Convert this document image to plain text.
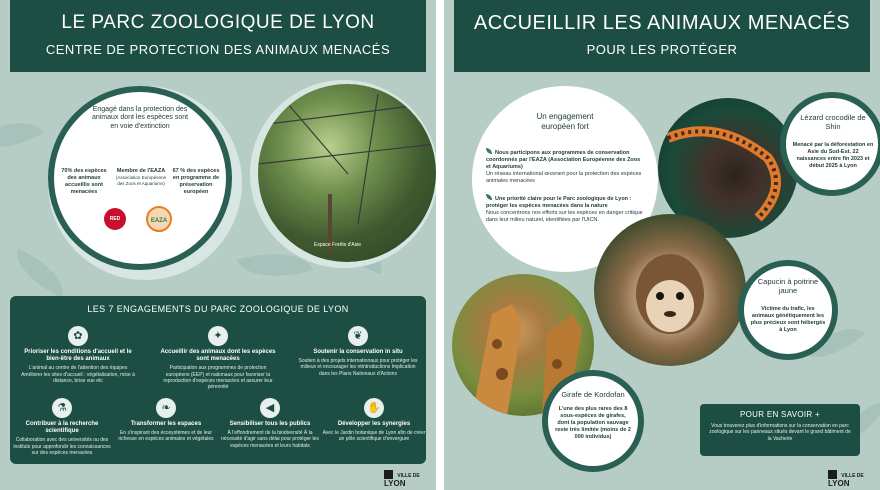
LE PARC ZOOLOGIQUE DE LYON
CENTRE DE PROTECTION DES ANIMAUX MENACÉS
Espace Forêts d'Asie
Engagé dans la protection des animaux dont les espèces sont en voie d'extinction
70% des espèces des animaux accueillis sont menacées
Membre de l'EAZA
(Association Européenne des Zoos et Aquariums)
67 % des espèces en programme de préservation européen
RED LIST
EAZA
LES 7 ENGAGEMENTS DU PARC ZOOLOGIQUE DE LYON
✿
Prioriser les conditions d'accueil et le bien-être des animaux
L'animal au centre de l'attention des équipes Améliorer les sites d'accueil : végétalisation, mise à distance, brise vue etc
✦
Accueillir des animaux dont les espèces sont menacées
Participation aux programmes de protection européens (EEP) et nationaux pour favoriser la reproduction d'espèces menacées et assurer leur pérennité
❦
Soutenir la conservation in situ
Soutien à des projets internationaux pour protéger les milieux et encourager les réintroductions Implication dans les Plans Nationaux d'Actions
⚗
Contribuer à la recherche scientifique
Collaboration avec des universités ou des instituts pour approfondir les connaissances sur des espèces menacées
❧
Transformer les espaces
En s'inspirant des écosystèmes et de leur richesse en espèces animales et végétales
◀
Sensibiliser tous les publics
À l'effondrement de la biodiversité À la nécessité d'agir sans délai pour protéger les espèces menacées et leurs habitats
✋
Développer les synergies
Avec le Jardin botanique de Lyon afin de créer un pôle scientifique d'envergure
VILLE DE LYON
ACCUEILLIR LES ANIMAUX MENACÉS
POUR LES PROTÉGER
Un engagement européen fort
Nous participons aux programmes de conservation coordonnés par l'EAZA (Association Européenne des Zoos et Aquariums)
Un réseau international œuvrant pour la protection des espèces animales menacées
Une priorité claire pour le Parc zoologique de Lyon : protéger les espèces menacées dans la nature
Nous concentrons nos efforts sur les espèces en danger critique dans leur milieu naturel, identifiées par l'UICN.
Lézard crocodile de Shin
Menacé par la déforestation en Asie du Sud-Est. 22 naissances entre fin 2023 et début 2025 à Lyon
Capucin à poitrine jaune
Victime du trafic, les animaux génétiquement les plus précieux sont hébergés à Lyon
Girafe de Kordofan
L'une des plus rares des 8 sous-espèces de girafes, dont la population sauvage reste très limitée (moins de 2 000 individus)
POUR EN SAVOIR +
Vous trouverez plus d'informations sur la conservation en parc zoologique sur les panneaux situés devant le grand bâtiment de la Vacherie
VILLE DE LYON
